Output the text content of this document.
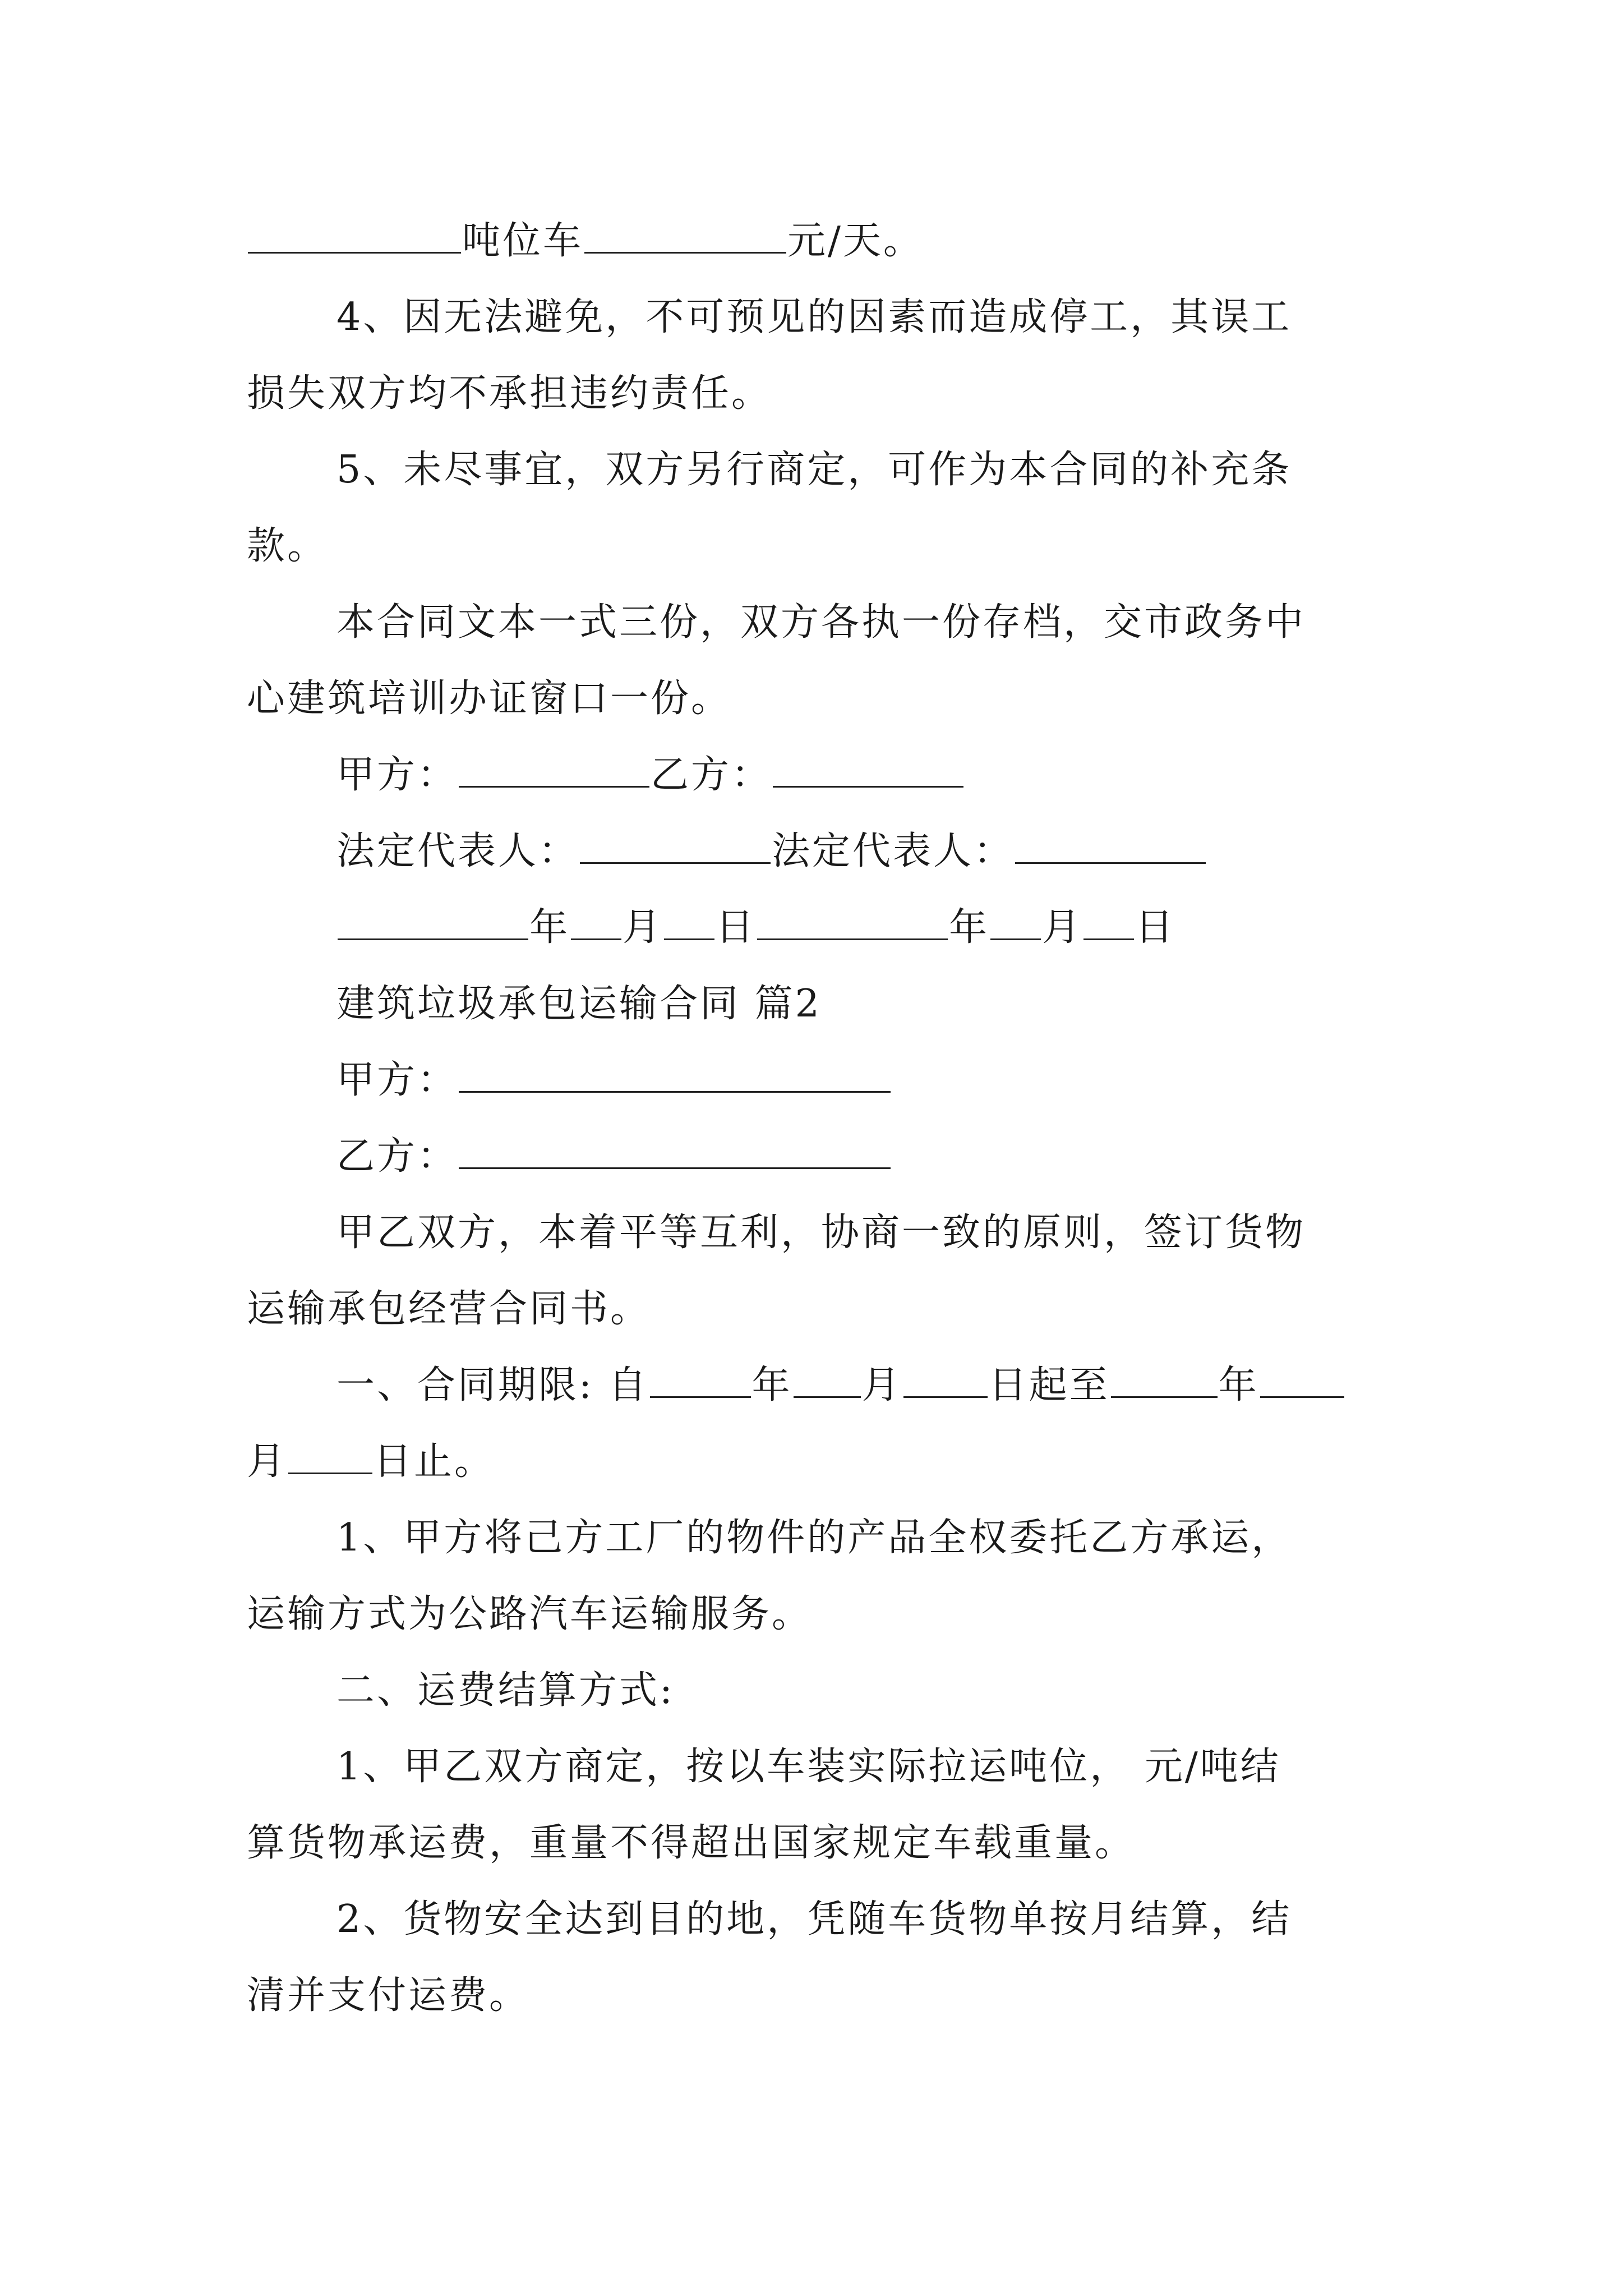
吨位车	元/天。
4、因无法避免，不可预见的因素而造成停工，其误工
损失双方均不承担违约责任。
5、未尽事宜，双方另行商定，可作为本合同的补充条
款。
本合同文本一式三份，双方各执一份存档，交市政务中
心建筑培训办证窗口一份。
甲方：	乙方：
法定代表人：	法定代表人：
年 月 日	年 月 日
建筑垃圾承包运输合同 篇2
甲方：
乙方：
甲乙双方，本着平等互利，协商一致的原则，签订货物
运输承包经营合同书。
一、合同期限: 自	年 月 日起至	年
月 日止。
1、甲方将己方工厂的物件的产品全权委托乙方承运，
运输方式为公路汽车运输服务。
二、运费结算方式:
1、甲乙双方商定，按以车装实际拉运吨位， 元/吨结
算货物承运费，重量不得超出国家规定车载重量。
2、货物安全达到目的地，凭随车货物单按月结算，结
清并支付运费。
